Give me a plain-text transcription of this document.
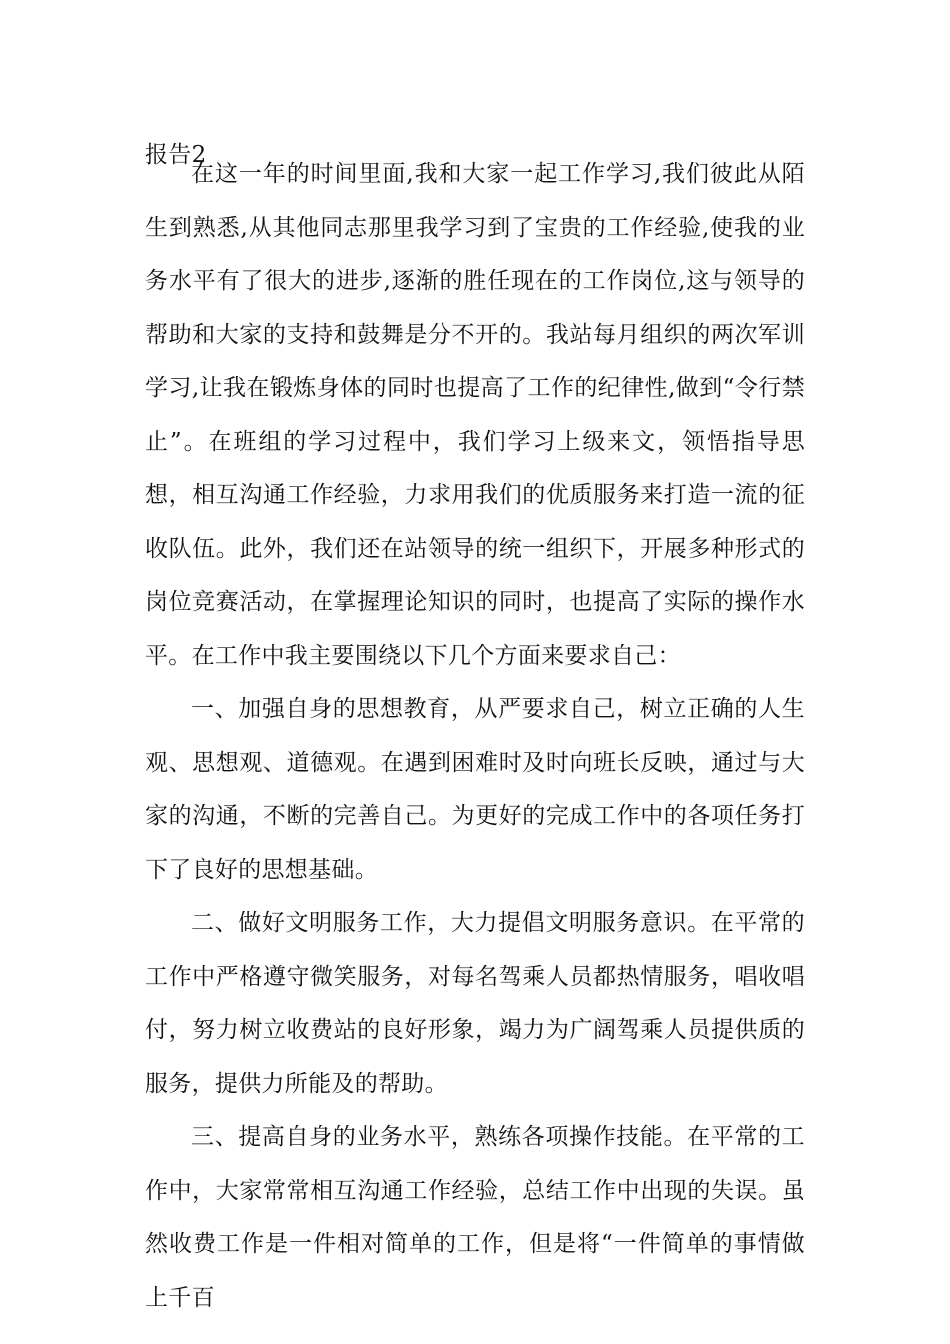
报告2

在这一年的时间里面,我和大家一起工作学习,我们彼此从陌生到熟悉,从其他同志那里我学习到了宝贵的工作经验,使我的业务水平有了很大的进步,逐渐的胜任现在的工作岗位,这与领导的帮助和大家的支持和鼓舞是分不开的。我站每月组织的两次军训学习,让我在锻炼身体的同时也提高了工作的纪律性,做到“令行禁止”。在班组的学习过程中，我们学习上级来文，领悟指导思想，相互沟通工作经验，力求用我们的优质服务来打造一流的征收队伍。此外，我们还在站领导的统一组织下，开展多种形式的岗位竞赛活动，在掌握理论知识的同时，也提高了实际的操作水平。在工作中我主要围绕以下几个方面来要求自己：

一、加强自身的思想教育，从严要求自己，树立正确的人生观、思想观、道德观。在遇到困难时及时向班长反映，通过与大家的沟通，不断的完善自己。为更好的完成工作中的各项任务打下了良好的思想基础。

二、做好文明服务工作，大力提倡文明服务意识。在平常的工作中严格遵守微笑服务，对每名驾乘人员都热情服务，唱收唱付，努力树立收费站的良好形象，竭力为广阔驾乘人员提供质的服务，提供力所能及的帮助。

三、提高自身的业务水平，熟练各项操作技能。在平常的工作中，大家常常相互沟通工作经验，总结工作中出现的失误。虽然收费工作是一件相对简单的工作，但是将“一件简单的事情做上千百
